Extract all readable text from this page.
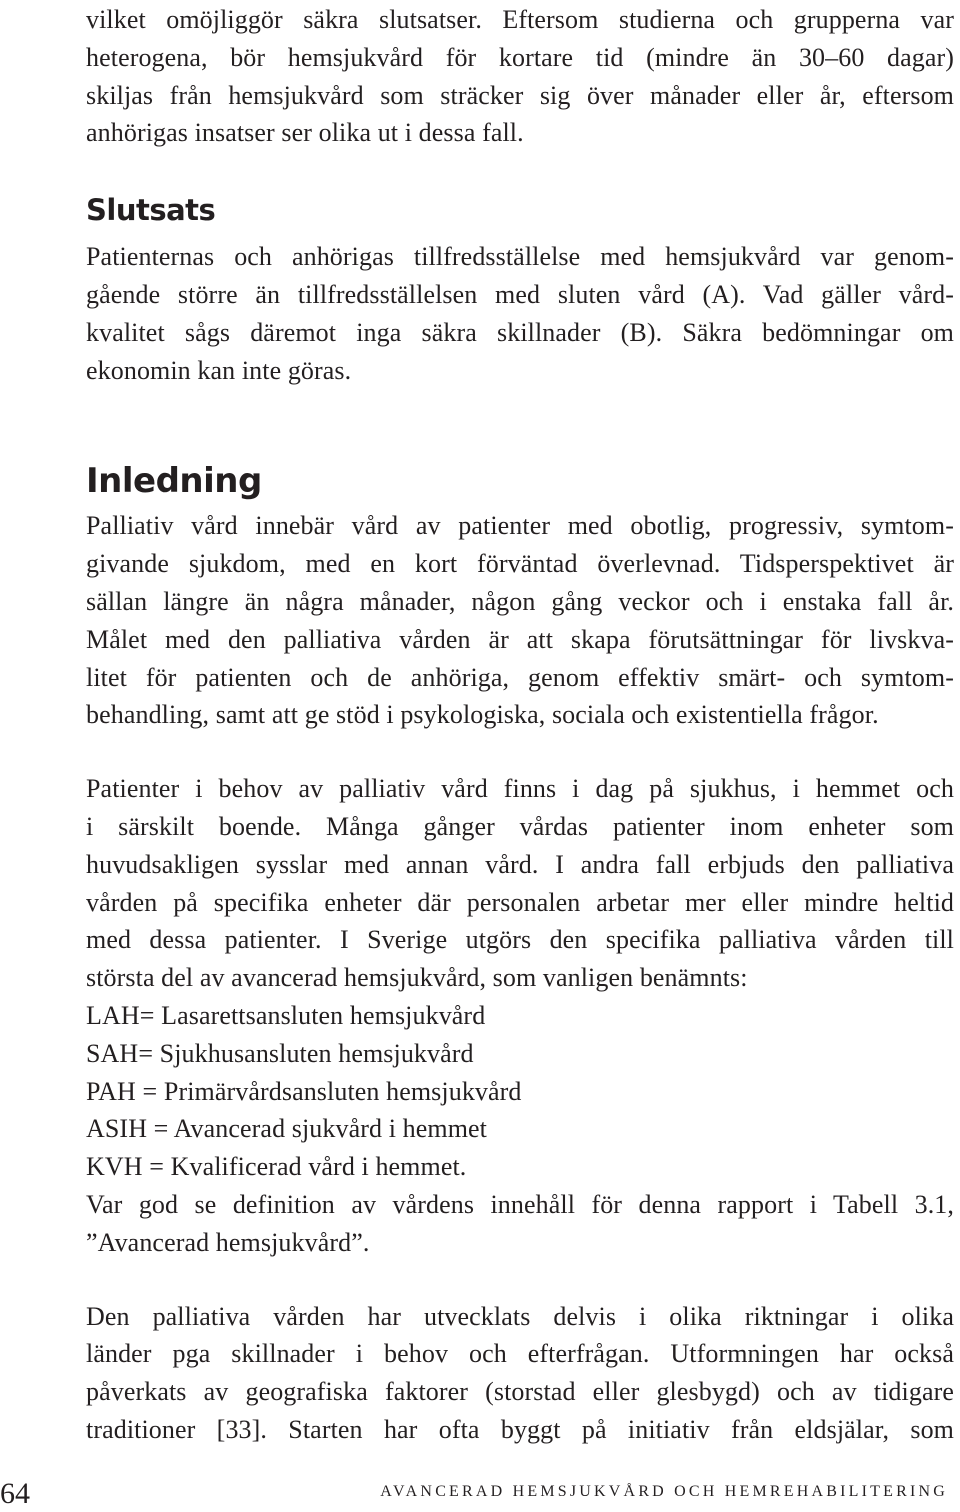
vilket omöjliggör säkra slutsatser. Eftersom studierna och grupperna var
heterogena, bör hemsjukvård för kortare tid (mindre än 30–60 dagar)
skiljas från hemsjukvård som sträcker sig över månader eller år, eftersom
anhörigas insatser ser olika ut i dessa fall.
Slutsats
Patienternas och anhörigas tillfredsställelse med hemsjukvård var genom-
gående större än tillfredsställelsen med sluten vård (A). Vad gäller vård-
kvalitet sågs däremot inga säkra skillnader (B). Säkra bedömningar om
ekonomin kan inte göras.
Inledning
Palliativ vård innebär vård av patienter med obotlig, progressiv, symtom-
givande sjukdom, med en kort förväntad överlevnad. Tidsperspektivet är
sällan längre än några månader, någon gång veckor och i enstaka fall år.
Målet med den palliativa vården är att skapa förutsättningar för livskva-
litet för patienten och de anhöriga, genom effektiv smärt- och symtom-
behandling, samt att ge stöd i psykologiska, sociala och existentiella frågor.
Patienter i behov av palliativ vård finns i dag på sjukhus, i hemmet och
i särskilt boende. Många gånger vårdas patienter inom enheter som
huvudsakligen sysslar med annan vård. I andra fall erbjuds den palliativa
vården på specifika enheter där personalen arbetar mer eller mindre heltid
med dessa patienter. I Sverige utgörs den specifika palliativa vården till
största del av avancerad hemsjukvård, som vanligen benämnts:
LAH= Lasarettsansluten hemsjukvård
SAH= Sjukhusansluten hemsjukvård
PAH = Primärvårdsansluten hemsjukvård
ASIH = Avancerad sjukvård i hemmet
KVH = Kvalificerad vård i hemmet.
Var god se definition av vårdens innehåll för denna rapport i Tabell 3.1,
”Avancerad hemsjukvård”.
Den palliativa vården har utvecklats delvis i olika riktningar i olika
länder pga skillnader i behov och efterfrågan. Utformningen har också
påverkats av geografiska faktorer (storstad eller glesbygd) och av tidigare
traditioner [33]. Starten har ofta byggt på initiativ från eldsjälar, som
64	AVANCERAD HEMSJUKVÅRD OCH HEMREHABILITERING
